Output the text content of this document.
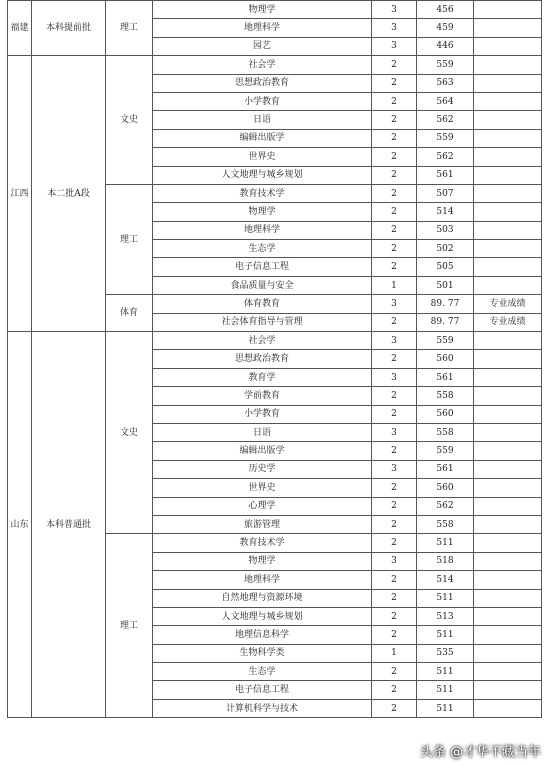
福建	本科提前批	理工	物理学	3	456	
			地理科学	3	459	
			园艺	3	446	
江西	本二批A段	文史	社会学	2	559	
			思想政治教育	2	563	
			小学教育	2	564	
			日语	2	562	
			编辑出版学	2	559	
			世界史	2	562	
			人文地理与城乡规划	2	561	
		理工	教育技术学	2	507	
			物理学	2	514	
			地理科学	2	503	
			生态学	2	502	
			电子信息工程	2	505	
			食品质量与安全	1	501	
		体育	体育教育	3	89. 77	专业成绩
			社会体育指导与管理	2	89. 77	专业成绩
山东	本科普通批	文史	社会学	3	559	
			思想政治教育	2	560	
			教育学	3	561	
			学前教育	2	558	
			小学教育	2	560	
			日语	3	558	
			编辑出版学	2	559	
			历史学	3	561	
			世界史	2	560	
			心理学	2	562	
			旅游管理	2	558	
		理工	教育技术学	2	511	
			物理学	3	518	
			地理科学	2	514	
			自然地理与资源环境	2	511	
			人文地理与城乡规划	2	513	
			地理信息科学	2	511	
			生物科学类	1	535	
			生态学	2	511	
			电子信息工程	2	511	
			计算机科学与技术	2	511	
头条 @才华不藏当年
